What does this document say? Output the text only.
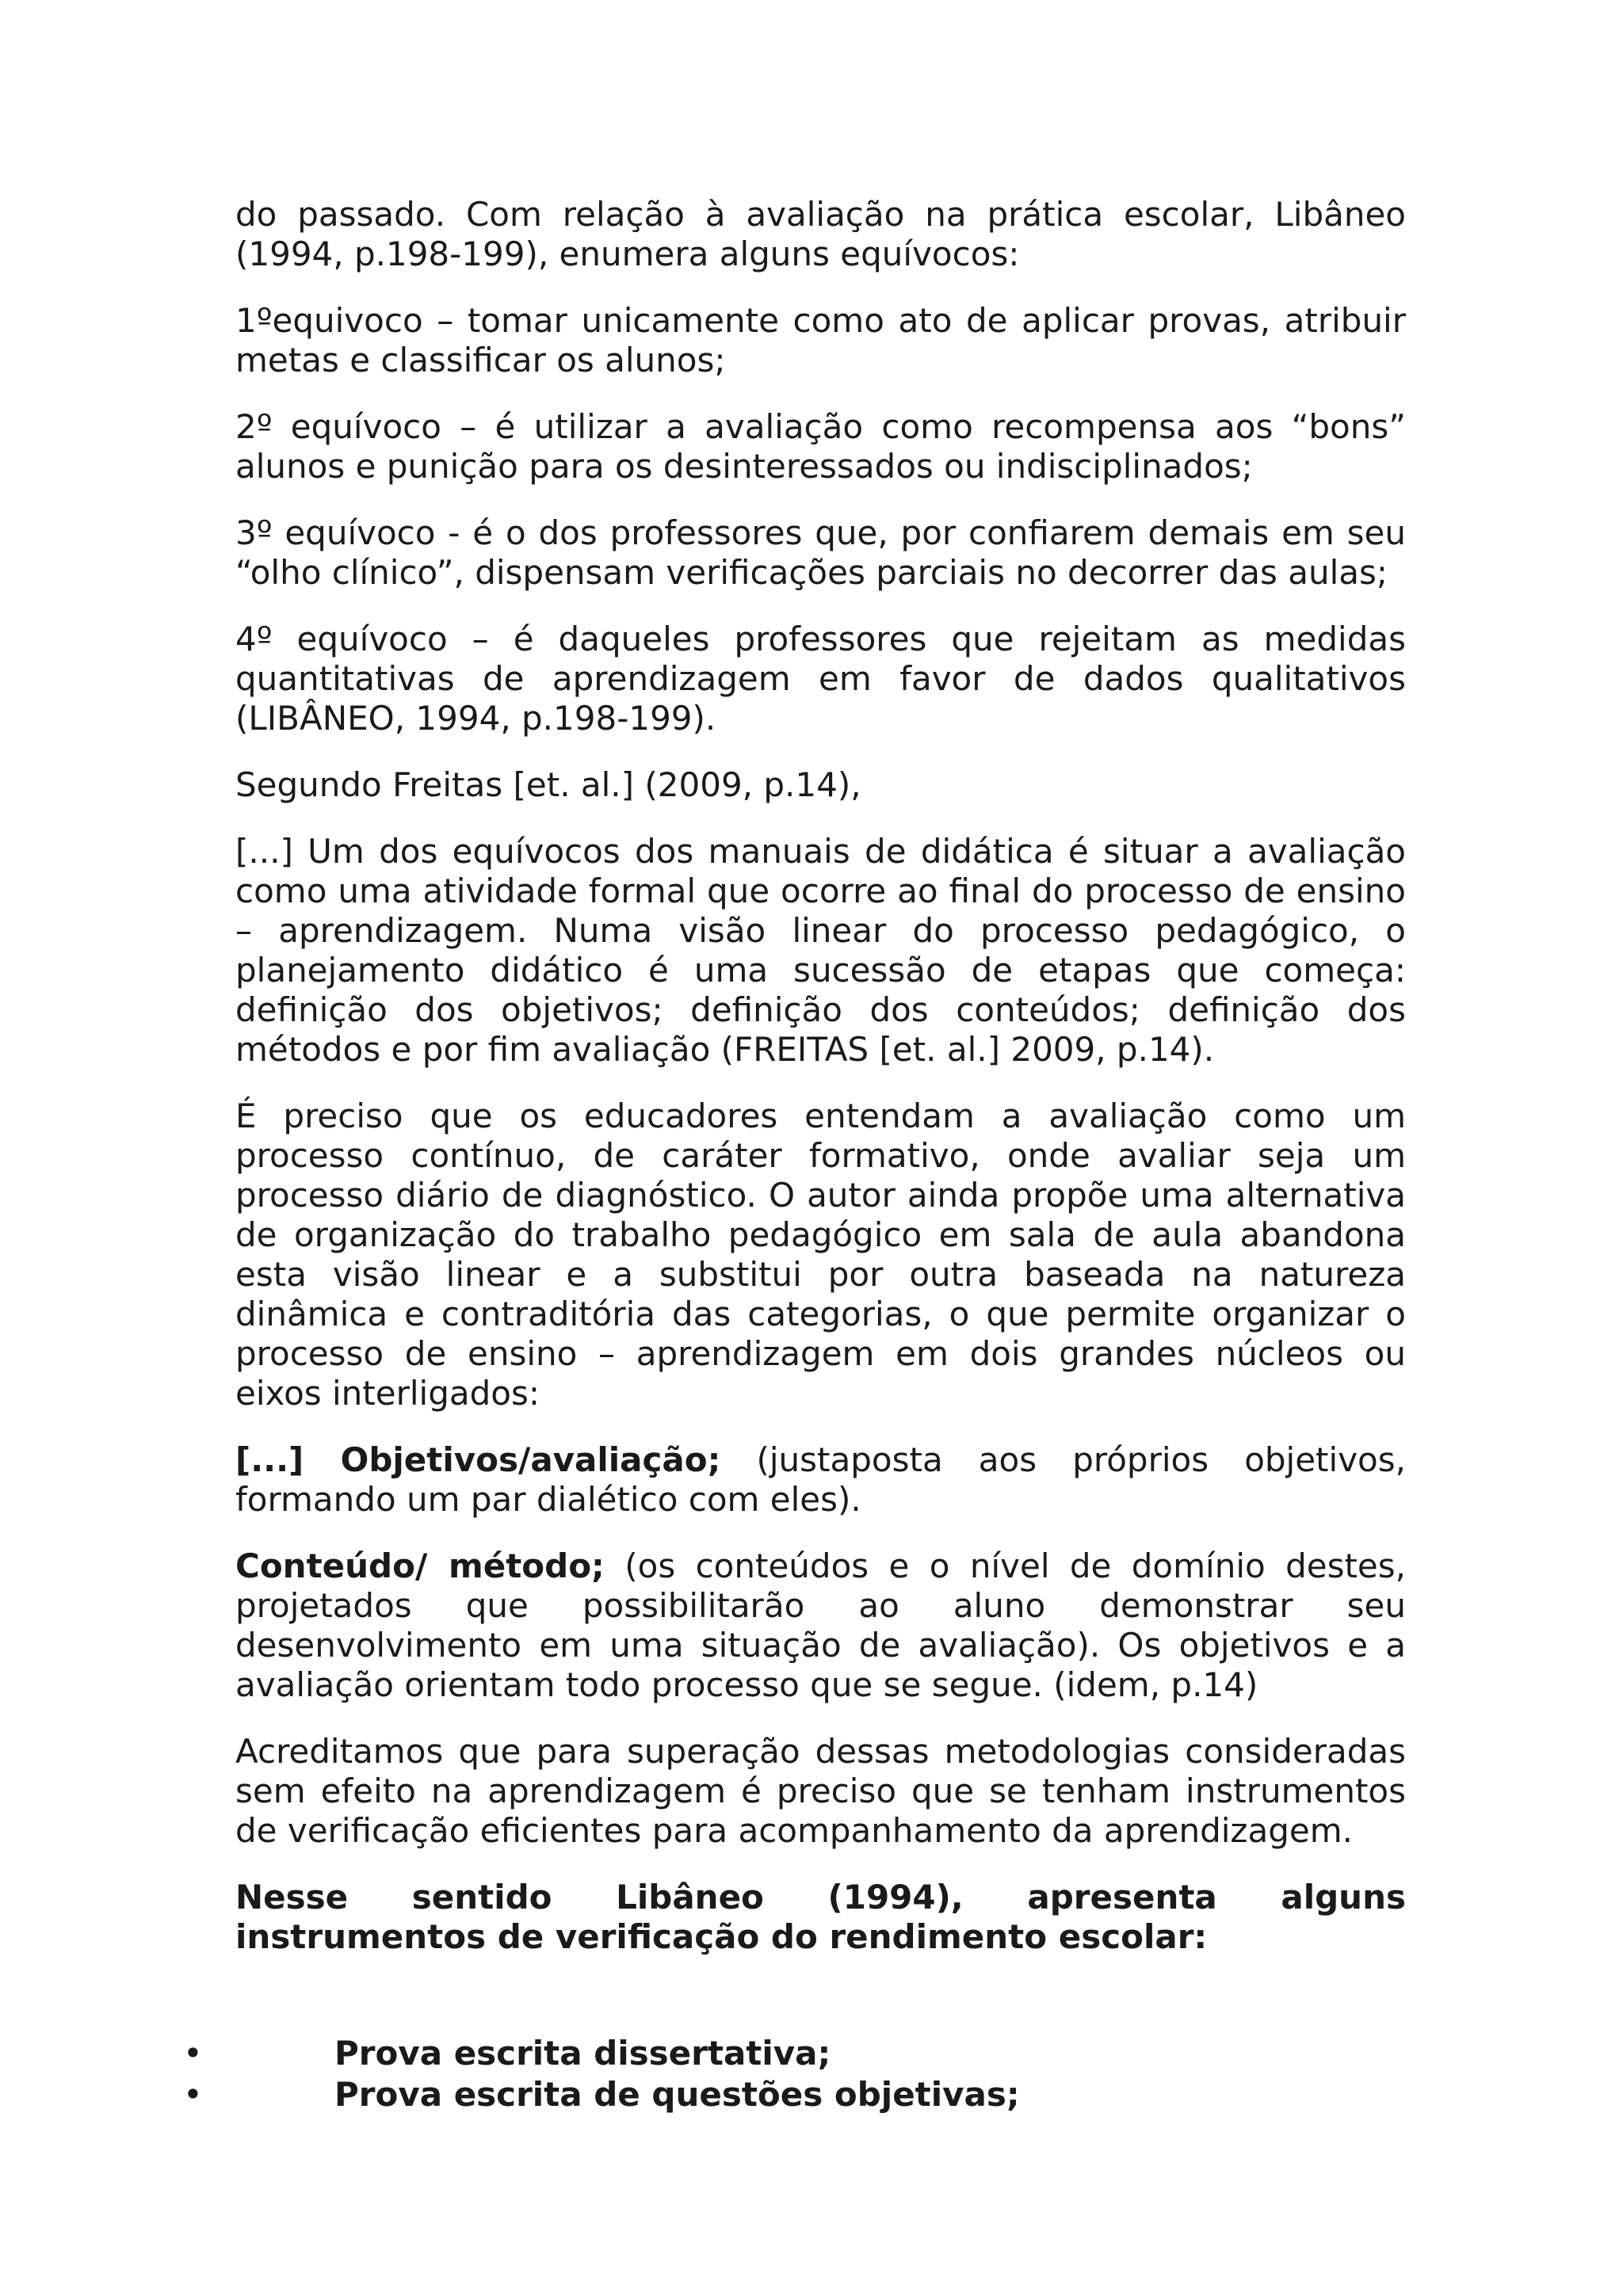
do passado. Com relação à avaliação na prática escolar, Libâneo (1994, p.198-199), enumera alguns equívocos:

1ºequivoco – tomar unicamente como ato de aplicar provas, atribuir metas e classificar os alunos;

2º equívoco – é utilizar a avaliação como recompensa aos “bons” alunos e punição para os desinteressados ou indisciplinados;

3º equívoco - é o dos professores que, por confiarem demais em seu “olho clínico”, dispensam verificações parciais no decorrer das aulas;

4º equívoco – é daqueles professores que rejeitam as medidas quantitativas de aprendizagem em favor de dados qualitativos (LIBÂNEO, 1994, p.198-199).

Segundo Freitas [et. al.] (2009, p.14),

[...] Um dos equívocos dos manuais de didática é situar a avaliação como uma atividade formal que ocorre ao final do processo de ensino – aprendizagem. Numa visão linear do processo pedagógico, o planejamento didático é uma sucessão de etapas que começa: definição dos objetivos; definição dos conteúdos; definição dos métodos e por fim avaliação (FREITAS [et. al.] 2009, p.14).

É preciso que os educadores entendam a avaliação como um processo contínuo, de caráter formativo, onde avaliar seja um processo diário de diagnóstico. O autor ainda propõe uma alternativa de organização do trabalho pedagógico em sala de aula abandona esta visão linear e a substitui por outra baseada na natureza dinâmica e contraditória das categorias, o que permite organizar o processo de ensino – aprendizagem em dois grandes núcleos ou eixos interligados:

[...] Objetivos/avaliação; (justaposta aos próprios objetivos, formando um par dialético com eles).

Conteúdo/ método; (os conteúdos e o nível de domínio destes, projetados que possibilitarão ao aluno demonstrar seu desenvolvimento em uma situação de avaliação). Os objetivos e a avaliação orientam todo processo que se segue. (idem, p.14)

Acreditamos que para superação dessas metodologias consideradas sem efeito na aprendizagem é preciso que se tenham instrumentos de verificação eficientes para acompanhamento da aprendizagem.

Nesse sentido Libâneo (1994), apresenta alguns instrumentos de verificação do rendimento escolar:

•	Prova escrita dissertativa;
•	Prova escrita de questões objetivas;
